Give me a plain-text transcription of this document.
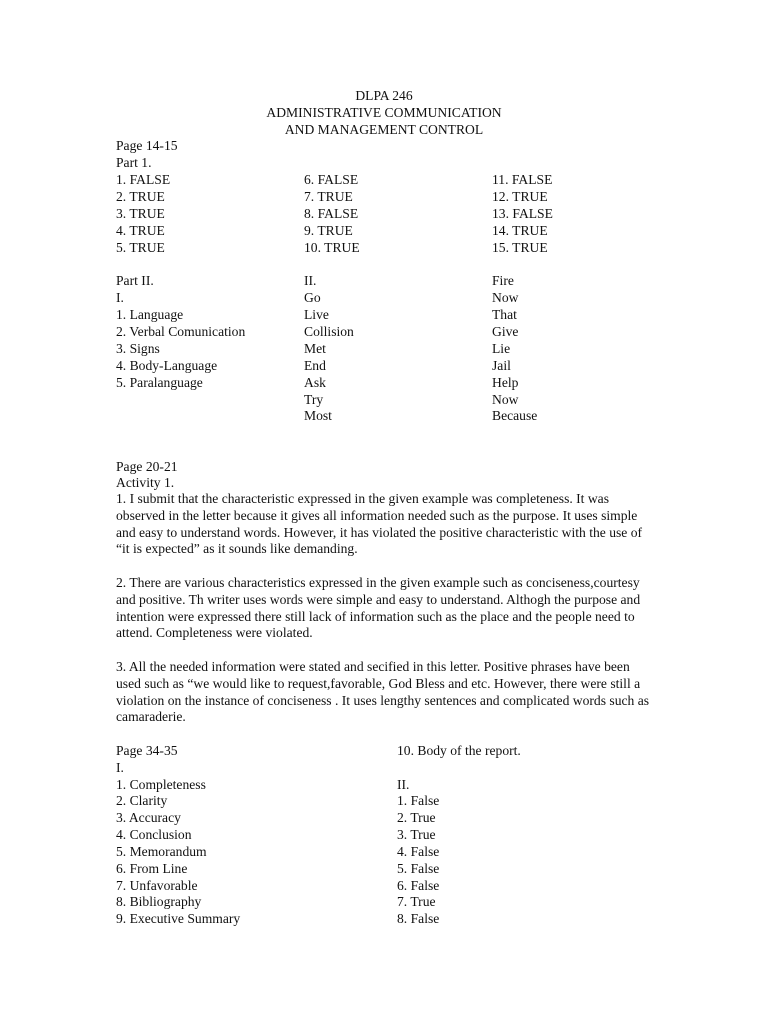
DLPA 246
ADMINISTRATIVE COMMUNICATION
AND MANAGEMENT CONTROL
Page 14-15
Part 1.
1. FALSE
2. TRUE
3. TRUE
4. TRUE
5. TRUE
6. FALSE
7. TRUE
8. FALSE
9. TRUE
10. TRUE
11. FALSE
12. TRUE
13. FALSE
14. TRUE
15. TRUE
Part II.
I.
1. Language
2. Verbal Comunication
3. Signs
4. Body-Language
5. Paralanguage
II.
Go
Live
Collision
Met
End
Ask
Try
Most
Fire
Now
That
Give
Lie
Jail
Help
Now
Because
Page 20-21
Activity 1.
1. I submit that the characteristic expressed in the given example was completeness. It was observed in the letter because it gives all information needed such as the purpose. It uses simple and easy to understand words. However, it has violated the positive characteristic with the use of “it is expected” as it sounds like demanding.
2. There are various characteristics expressed in the given example such as conciseness,courtesy and positive. Th writer uses words were simple and easy to understand. Althogh the purpose and intention were expressed there still lack of information such as the place and the people need to attend. Completeness were violated.
3. All the needed information were stated and secified in this letter. Positive phrases have been used such as “we would like to request,favorable, God Bless and etc. However, there were still a violation on the instance of conciseness . It uses lengthy sentences and complicated words such as camaraderie.
Page 34-35
I.
1. Completeness
2. Clarity
3. Accuracy
4. Conclusion
5. Memorandum
6. From Line
7. Unfavorable
8. Bibliography
9. Executive Summary
10. Body of the report.
II.
1. False
2. True
3. True
4. False
5. False
6. False
7. True
8. False
